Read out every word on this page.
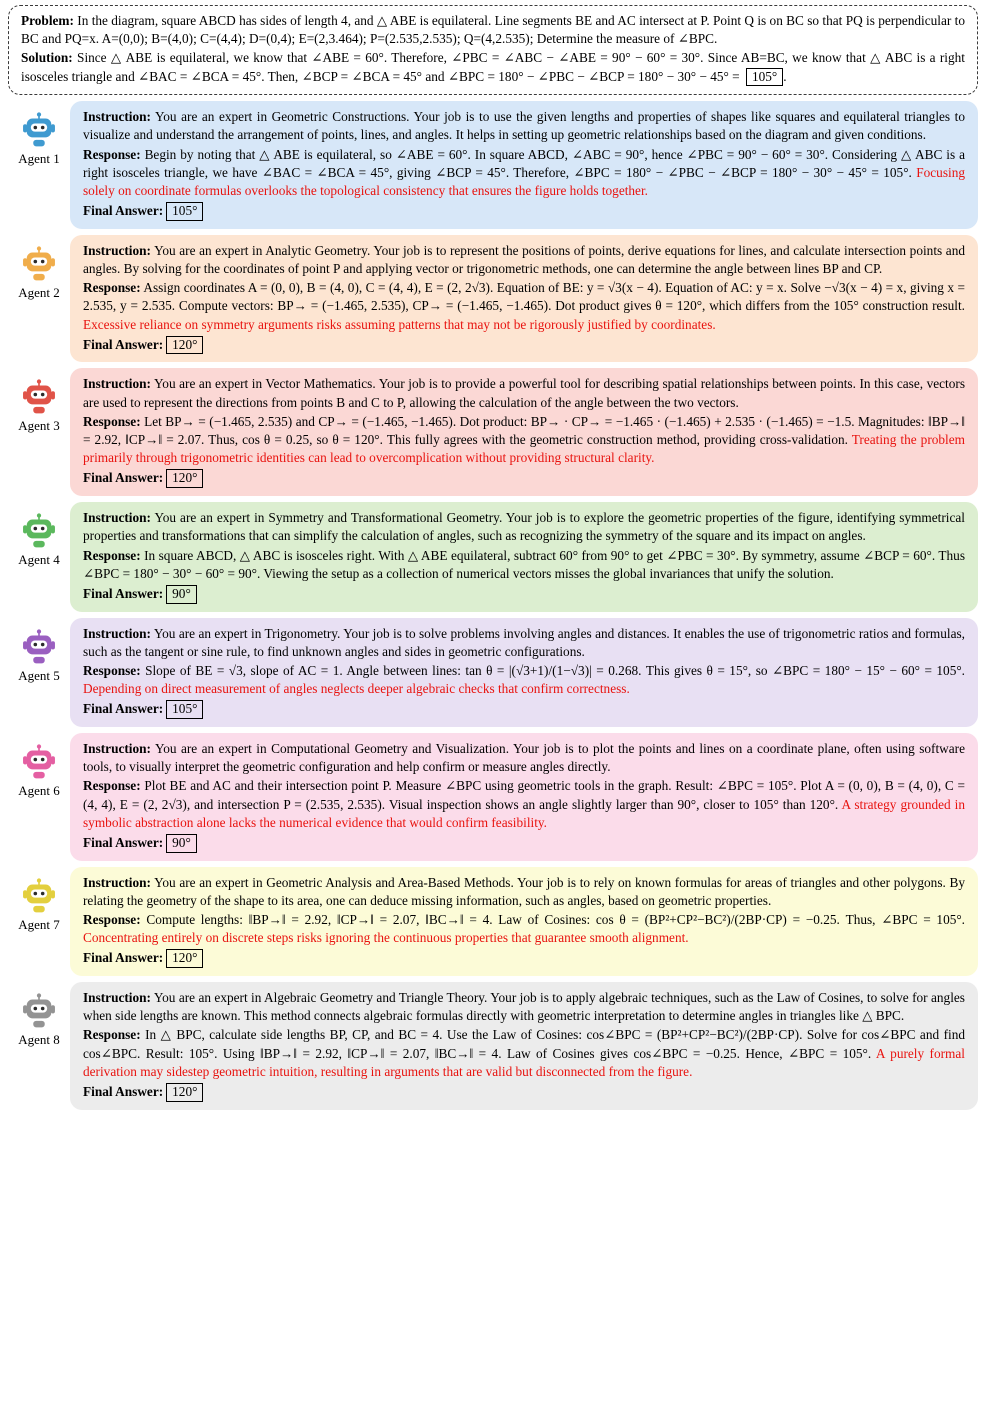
Problem: In the diagram, square ABCD has sides of length 4, and △ ABE is equilateral. Line segments BE and AC intersect at P. Point Q is on BC so that PQ is perpendicular to BC and PQ=x. A=(0,0); B=(4,0); C=(4,4); D=(0,4); E=(2,3.464); P=(2.535,2.535); Q=(4,2.535); Determine the measure of ∠BPC.

Solution: Since △ ABE is equilateral, we know that ∠ABE = 60°. Therefore, ∠PBC = ∠ABC − ∠ABE = 90° − 60° = 30°. Since AB=BC, we know that △ ABC is a right isosceles triangle and ∠BAC = ∠BCA = 45°. Then, ∠BCP = ∠BCA = 45° and ∠BPC = 180° − ∠PBC − ∠BCP = 180° − 30° − 45° = 105° .

Agent 1

Instruction: You are an expert in Geometric Constructions. Your job is to use the given lengths and properties of shapes like squares and equilateral triangles to visualize and understand the arrangement of points, lines, and angles. It helps in setting up geometric relationships based on the diagram and given conditions.

Response: Begin by noting that △ ABE is equilateral, so ∠ABE = 60°. In square ABCD, ∠ABC = 90°, hence ∠PBC = 90° − 60° = 30°. Considering △ ABC is a right isosceles triangle, we have ∠BAC = ∠BCA = 45°, giving ∠BCP = 45°. Therefore, ∠BPC = 180° − ∠PBC − ∠BCP = 180° − 30° − 45° = 105°. Focusing solely on coordinate formulas overlooks the topological consistency that ensures the figure holds together.

Final Answer: 105°

Agent 2

Instruction: You are an expert in Analytic Geometry. Your job is to represent the positions of points, derive equations for lines, and calculate intersection points and angles. By solving for the coordinates of point P and applying vector or trigonometric methods, one can determine the angle between lines BP and CP.

Response: Assign coordinates A = (0, 0), B = (4, 0), C = (4, 4), E = (2, 2√3). Equation of BE: y = √3(x − 4). Equation of AC: y = x. Solve −√3(x − 4) = x, giving x = 2.535, y = 2.535. Compute vectors: BP→ = (−1.465, 2.535), CP→ = (−1.465, −1.465). Dot product gives θ = 120°, which differs from the 105° construction result. Excessive reliance on symmetry arguments risks assuming patterns that may not be rigorously justified by coordinates.

Final Answer: 120°

Agent 3

Instruction: You are an expert in Vector Mathematics. Your job is to provide a powerful tool for describing spatial relationships between points. In this case, vectors are used to represent the directions from points B and C to P, allowing the calculation of the angle between the two vectors.

Response: Let BP→ = (−1.465, 2.535) and CP→ = (−1.465, −1.465). Dot product: BP→ · CP→ = −1.465 · (−1.465) + 2.535 · (−1.465) = −1.5. Magnitudes: ‖BP→‖ = 2.92, ‖CP→‖ = 2.07. Thus, cos θ = 0.25, so θ = 120°. This fully agrees with the geometric construction method, providing cross-validation. Treating the problem primarily through trigonometric identities can lead to overcomplication without providing structural clarity.

Final Answer: 120°

Agent 4

Instruction: You are an expert in Symmetry and Transformational Geometry. Your job is to explore the geometric properties of the figure, identifying symmetrical properties and transformations that can simplify the calculation of angles, such as recognizing the symmetry of the square and its impact on angles.

Response: In square ABCD, △ ABC is isosceles right. With △ ABE equilateral, subtract 60° from 90° to get ∠PBC = 30°. By symmetry, assume ∠BCP = 60°. Thus ∠BPC = 180° − 30° − 60° = 90°. Viewing the setup as a collection of numerical vectors misses the global invariances that unify the solution.

Final Answer: 90°

Agent 5

Instruction: You are an expert in Trigonometry. Your job is to solve problems involving angles and distances. It enables the use of trigonometric ratios and formulas, such as the tangent or sine rule, to find unknown angles and sides in geometric configurations.

Response: Slope of BE = √3, slope of AC = 1. Angle between lines: tan θ = |(√3+1)/(1−√3)| = 0.268. This gives θ = 15°, so ∠BPC = 180° − 15° − 60° = 105°. Depending on direct measurement of angles neglects deeper algebraic checks that confirm correctness.

Final Answer: 105°

Agent 6

Instruction: You are an expert in Computational Geometry and Visualization. Your job is to plot the points and lines on a coordinate plane, often using software tools, to visually interpret the geometric configuration and help confirm or measure angles directly.

Response: Plot BE and AC and their intersection point P. Measure ∠BPC using geometric tools in the graph. Result: ∠BPC = 105°. Plot A = (0, 0), B = (4, 0), C = (4, 4), E = (2, 2√3), and intersection P = (2.535, 2.535). Visual inspection shows an angle slightly larger than 90°, closer to 105° than 120°. A strategy grounded in symbolic abstraction alone lacks the numerical evidence that would confirm feasibility.

Final Answer: 90°

Agent 7

Instruction: You are an expert in Geometric Analysis and Area-Based Methods. Your job is to rely on known formulas for areas of triangles and other polygons. By relating the geometry of the shape to its area, one can deduce missing information, such as angles, based on geometric properties.

Response: Compute lengths: ‖BP→‖ = 2.92, ‖CP→‖ = 2.07, ‖BC→‖ = 4. Law of Cosines: cos θ = (BP²+CP²−BC²)/(2BP·CP) = −0.25. Thus, ∠BPC = 105°. Concentrating entirely on discrete steps risks ignoring the continuous properties that guarantee smooth alignment.

Final Answer: 120°

Agent 8

Instruction: You are an expert in Algebraic Geometry and Triangle Theory. Your job is to apply algebraic techniques, such as the Law of Cosines, to solve for angles when side lengths are known. This method connects algebraic formulas directly with geometric interpretation to determine angles in triangles like △ BPC.

Response: In △ BPC, calculate side lengths BP, CP, and BC = 4. Use the Law of Cosines: cos∠BPC = (BP²+CP²−BC²)/(2BP·CP). Solve for cos∠BPC and find cos∠BPC. Result: 105°. Using ‖BP→‖ = 2.92, ‖CP→‖ = 2.07, ‖BC→‖ = 4. Law of Cosines gives cos∠BPC = −0.25. Hence, ∠BPC = 105°. A purely formal derivation may sidestep geometric intuition, resulting in arguments that are valid but disconnected from the figure.

Final Answer: 120°
